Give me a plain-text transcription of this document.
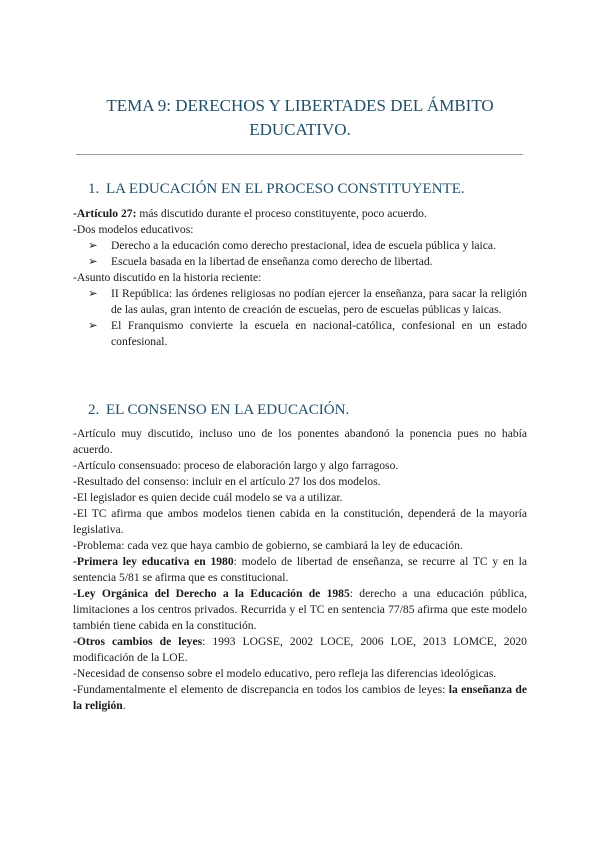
TEMA 9: DERECHOS Y LIBERTADES DEL ÁMBITO EDUCATIVO.
1. LA EDUCACIÓN EN EL PROCESO CONSTITUYENTE.

-Artículo 27: más discutido durante el proceso constituyente, poco acuerdo.

-Dos modelos educativos:

➢	Derecho a la educación como derecho prestacional, idea de escuela pública y laica.
➢	Escuela basada en la libertad de enseñanza como derecho de libertad.

-Asunto discutido en la historia reciente:

➢	II República: las órdenes religiosas no podían ejercer la enseñanza, para sacar la religión de las aulas, gran intento de creación de escuelas, pero de escuelas públicas y laicas.
➢	El Franquismo convierte la escuela en nacional-católica, confesional en un estado confesional.
2. EL CONSENSO EN LA EDUCACIÓN.

-Artículo muy discutido, incluso uno de los ponentes abandonó la ponencia pues no había acuerdo.

-Artículo consensuado: proceso de elaboración largo y algo farragoso.

-Resultado del consenso: incluir en el artículo 27 los dos modelos.

-El legislador es quien decide cuál modelo se va a utilizar.

-El TC afirma que ambos modelos tienen cabida en la constitución, dependerá de la mayoría legislativa.

-Problema: cada vez que haya cambio de gobierno, se cambiará la ley de educación.

-Primera ley educativa en 1980: modelo de libertad de enseñanza, se recurre al TC y en la sentencia 5/81 se afirma que es constitucional.

-Ley Orgánica del Derecho a la Educación de 1985: derecho a una educación pública, limitaciones a los centros privados. Recurrida y el TC en sentencia 77/85 afirma que este modelo también tiene cabida en la constitución.

-Otros cambios de leyes: 1993 LOGSE, 2002 LOCE, 2006 LOE, 2013 LOMCE, 2020 modificación de la LOE.

-Necesidad de consenso sobre el modelo educativo, pero refleja las diferencias ideológicas.

-Fundamentalmente el elemento de discrepancia en todos los cambios de leyes: la enseñanza de la religión.
